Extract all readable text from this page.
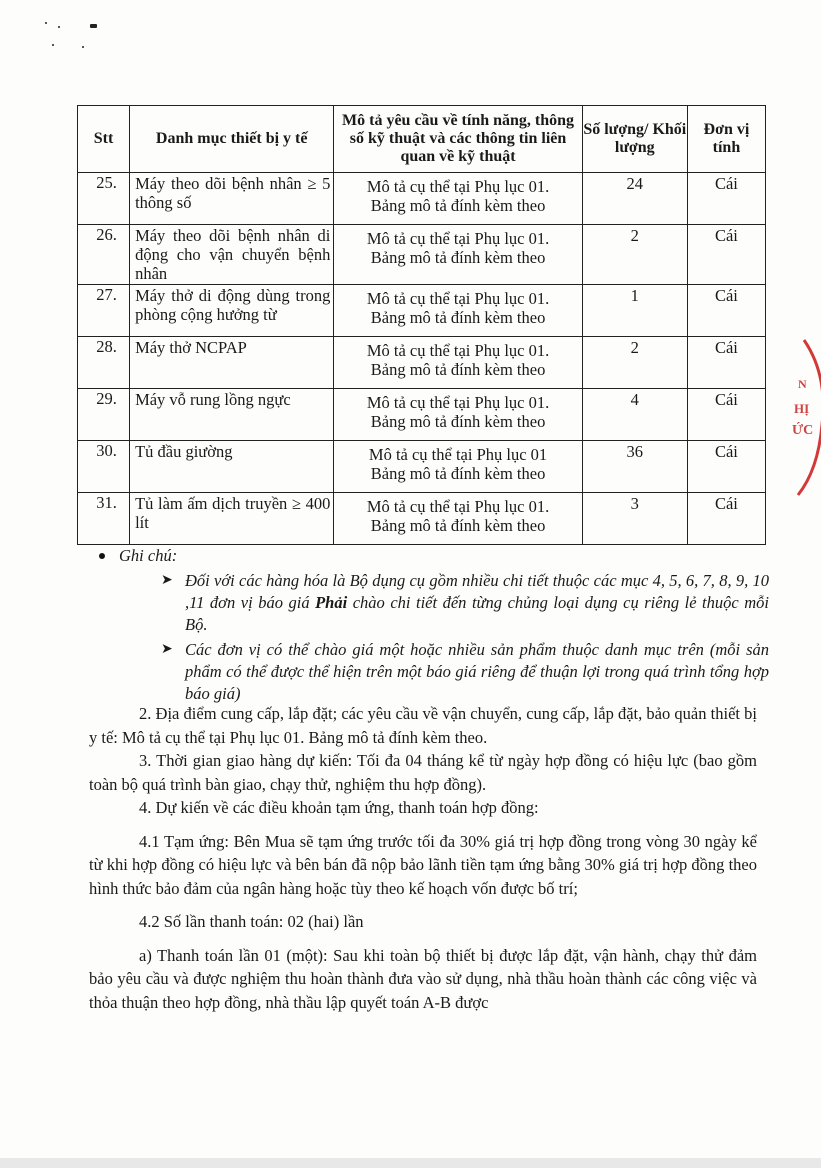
Stt	Danh mục thiết bị y tế	Mô tả yêu cầu về tính năng, thông số kỹ thuật và các thông tin liên quan về kỹ thuật	Số lượng/ Khối lượng	Đơn vị tính
25.	Máy theo dõi bệnh nhân ≥ 5 thông số	Mô tả cụ thể tại Phụ lục 01.
Bảng mô tả đính kèm theo	24	Cái
26.	Máy theo dõi bệnh nhân di động cho vận chuyển bệnh nhân	Mô tả cụ thể tại Phụ lục 01.
Bảng mô tả đính kèm theo	2	Cái
27.	Máy thở di động dùng trong phòng cộng hưởng từ	Mô tả cụ thể tại Phụ lục 01.
Bảng mô tả đính kèm theo	1	Cái
28.	Máy thở NCPAP	Mô tả cụ thể tại Phụ lục 01.
Bảng mô tả đính kèm theo	2	Cái
29.	Máy vỗ rung lồng ngực	Mô tả cụ thể tại Phụ lục 01.
Bảng mô tả đính kèm theo	4	Cái
30.	Tủ đầu giường	Mô tả cụ thể tại Phụ lục 01
Bảng mô tả đính kèm theo	36	Cái
31.	Tủ làm ấm dịch truyền ≥ 400 lít	Mô tả cụ thể tại Phụ lục 01.
Bảng mô tả đính kèm theo	3	Cái
Ghi chú:
➤ Đối với các hàng hóa là Bộ dụng cụ gồm nhiều chi tiết thuộc các mục 4, 5, 6, 7, 8, 9, 10 ,11 đơn vị báo giá Phải chào chi tiết đến từng chủng loại dụng cụ riêng lẻ thuộc mỗi Bộ.
➤ Các đơn vị có thể chào giá một hoặc nhiều sản phẩm thuộc danh mục trên (mỗi sản phẩm có thể được thể hiện trên một báo giá riêng để thuận lợi trong quá trình tổng hợp báo giá)

2. Địa điểm cung cấp, lắp đặt; các yêu cầu về vận chuyển, cung cấp, lắp đặt, bảo quản thiết bị y tế: Mô tả cụ thể tại Phụ lục 01. Bảng mô tả đính kèm theo.

3. Thời gian giao hàng dự kiến: Tối đa 04 tháng kể từ ngày hợp đồng có hiệu lực (bao gồm toàn bộ quá trình bàn giao, chạy thử, nghiệm thu hợp đồng).

4. Dự kiến về các điều khoản tạm ứng, thanh toán hợp đồng:

4.1 Tạm ứng: Bên Mua sẽ tạm ứng trước tối đa 30% giá trị hợp đồng trong vòng 30 ngày kể từ khi hợp đồng có hiệu lực và bên bán đã nộp bảo lãnh tiền tạm ứng bằng 30% giá trị hợp đồng theo hình thức bảo đảm của ngân hàng hoặc tùy theo kế hoạch vốn được bố trí;

4.2 Số lần thanh toán: 02 (hai) lần

a) Thanh toán lần 01 (một): Sau khi toàn bộ thiết bị được lắp đặt, vận hành, chạy thử đảm bảo yêu cầu và được nghiệm thu hoàn thành đưa vào sử dụng, nhà thầu hoàn thành các công việc và thỏa thuận theo hợp đồng, nhà thầu lập quyết toán A-B được

N
HỊ
ỨC
